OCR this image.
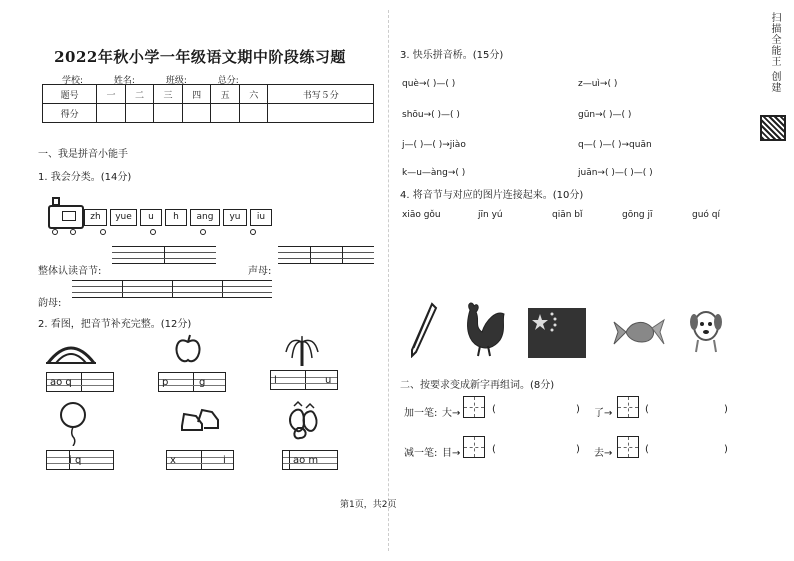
2022年秋小学一年级语文期中阶段练习题
学校:	姓名:	班级:	总分:
题号	一	二	三	四	五	六	书写５分
得分							
一、我是拼音小能手
1. 我会分类。(14分)
zh	yue	u	h	ang	yu	iu
整体认读音节:	声母:
韵母:
2. 看图，把音节补充完整。(12分)
ao q	p	g	l	u
i q	x	i	ao m
3. 快乐拼音桥。(15分)
què→( )—( )	z—uì→( )
shōu→( )—( )	gūn→( )—( )
j—( )—( )→jiào	q—( )—( )→quān
k—u—àng→( )	juān→( )—( )—( )
4. 将音节与对应的图片连接起来。(10分)
xiāo gǒu	jīn yú	qiān bǐ	gōng jī	guó qí
二、按要求变成新字再组词。(8分)
加一笔: 大→	(	) 了→	(	)
减一笔: 目→	(	) 去→	(	)
扫描全能王 创建
第1页，共2页
